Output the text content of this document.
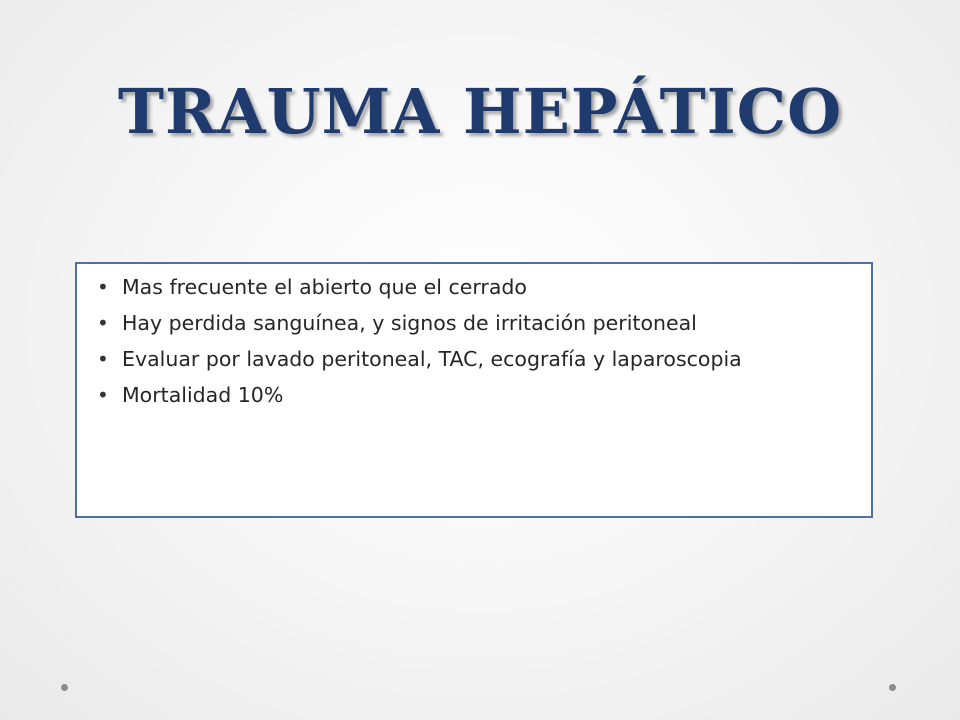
TRAUMA HEPÁTICO
• Mas frecuente el abierto que el cerrado
• Hay perdida sanguínea, y signos de irritación peritoneal
• Evaluar por lavado peritoneal, TAC, ecografía y laparoscopia
• Mortalidad 10%
